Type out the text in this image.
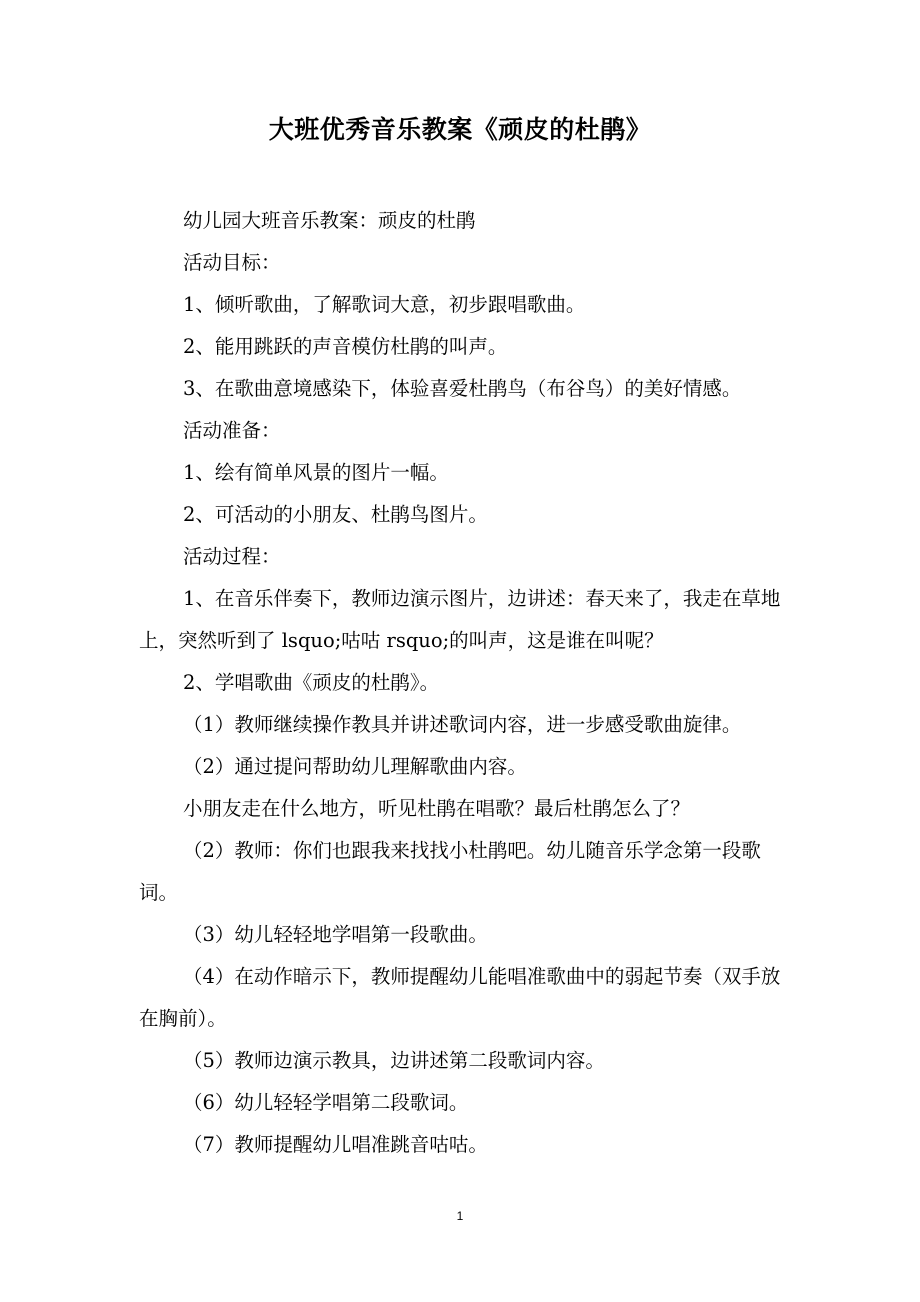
大班优秀音乐教案《顽皮的杜鹃》

幼儿园大班音乐教案：顽皮的杜鹃

活动目标：

1、倾听歌曲，了解歌词大意，初步跟唱歌曲。

2、能用跳跃的声音模仿杜鹃的叫声。

3、在歌曲意境感染下，体验喜爱杜鹃鸟（布谷鸟）的美好情感。

活动准备：

1、绘有简单风景的图片一幅。

2、可活动的小朋友、杜鹃鸟图片。

活动过程：

1、在音乐伴奏下，教师边演示图片，边讲述：春天来了，我走在草地上，突然听到了 lsquo;咕咕 rsquo;的叫声，这是谁在叫呢？

2、学唱歌曲《顽皮的杜鹃》。

（1）教师继续操作教具并讲述歌词内容，进一步感受歌曲旋律。

（2）通过提问帮助幼儿理解歌曲内容。

小朋友走在什么地方，听见杜鹃在唱歌？最后杜鹃怎么了？

（2）教师：你们也跟我来找找小杜鹃吧。幼儿随音乐学念第一段歌词。

（3）幼儿轻轻地学唱第一段歌曲。

（4）在动作暗示下，教师提醒幼儿能唱准歌曲中的弱起节奏（双手放在胸前）。

（5）教师边演示教具，边讲述第二段歌词内容。

（6）幼儿轻轻学唱第二段歌词。

（7）教师提醒幼儿唱准跳音咕咕。

1
